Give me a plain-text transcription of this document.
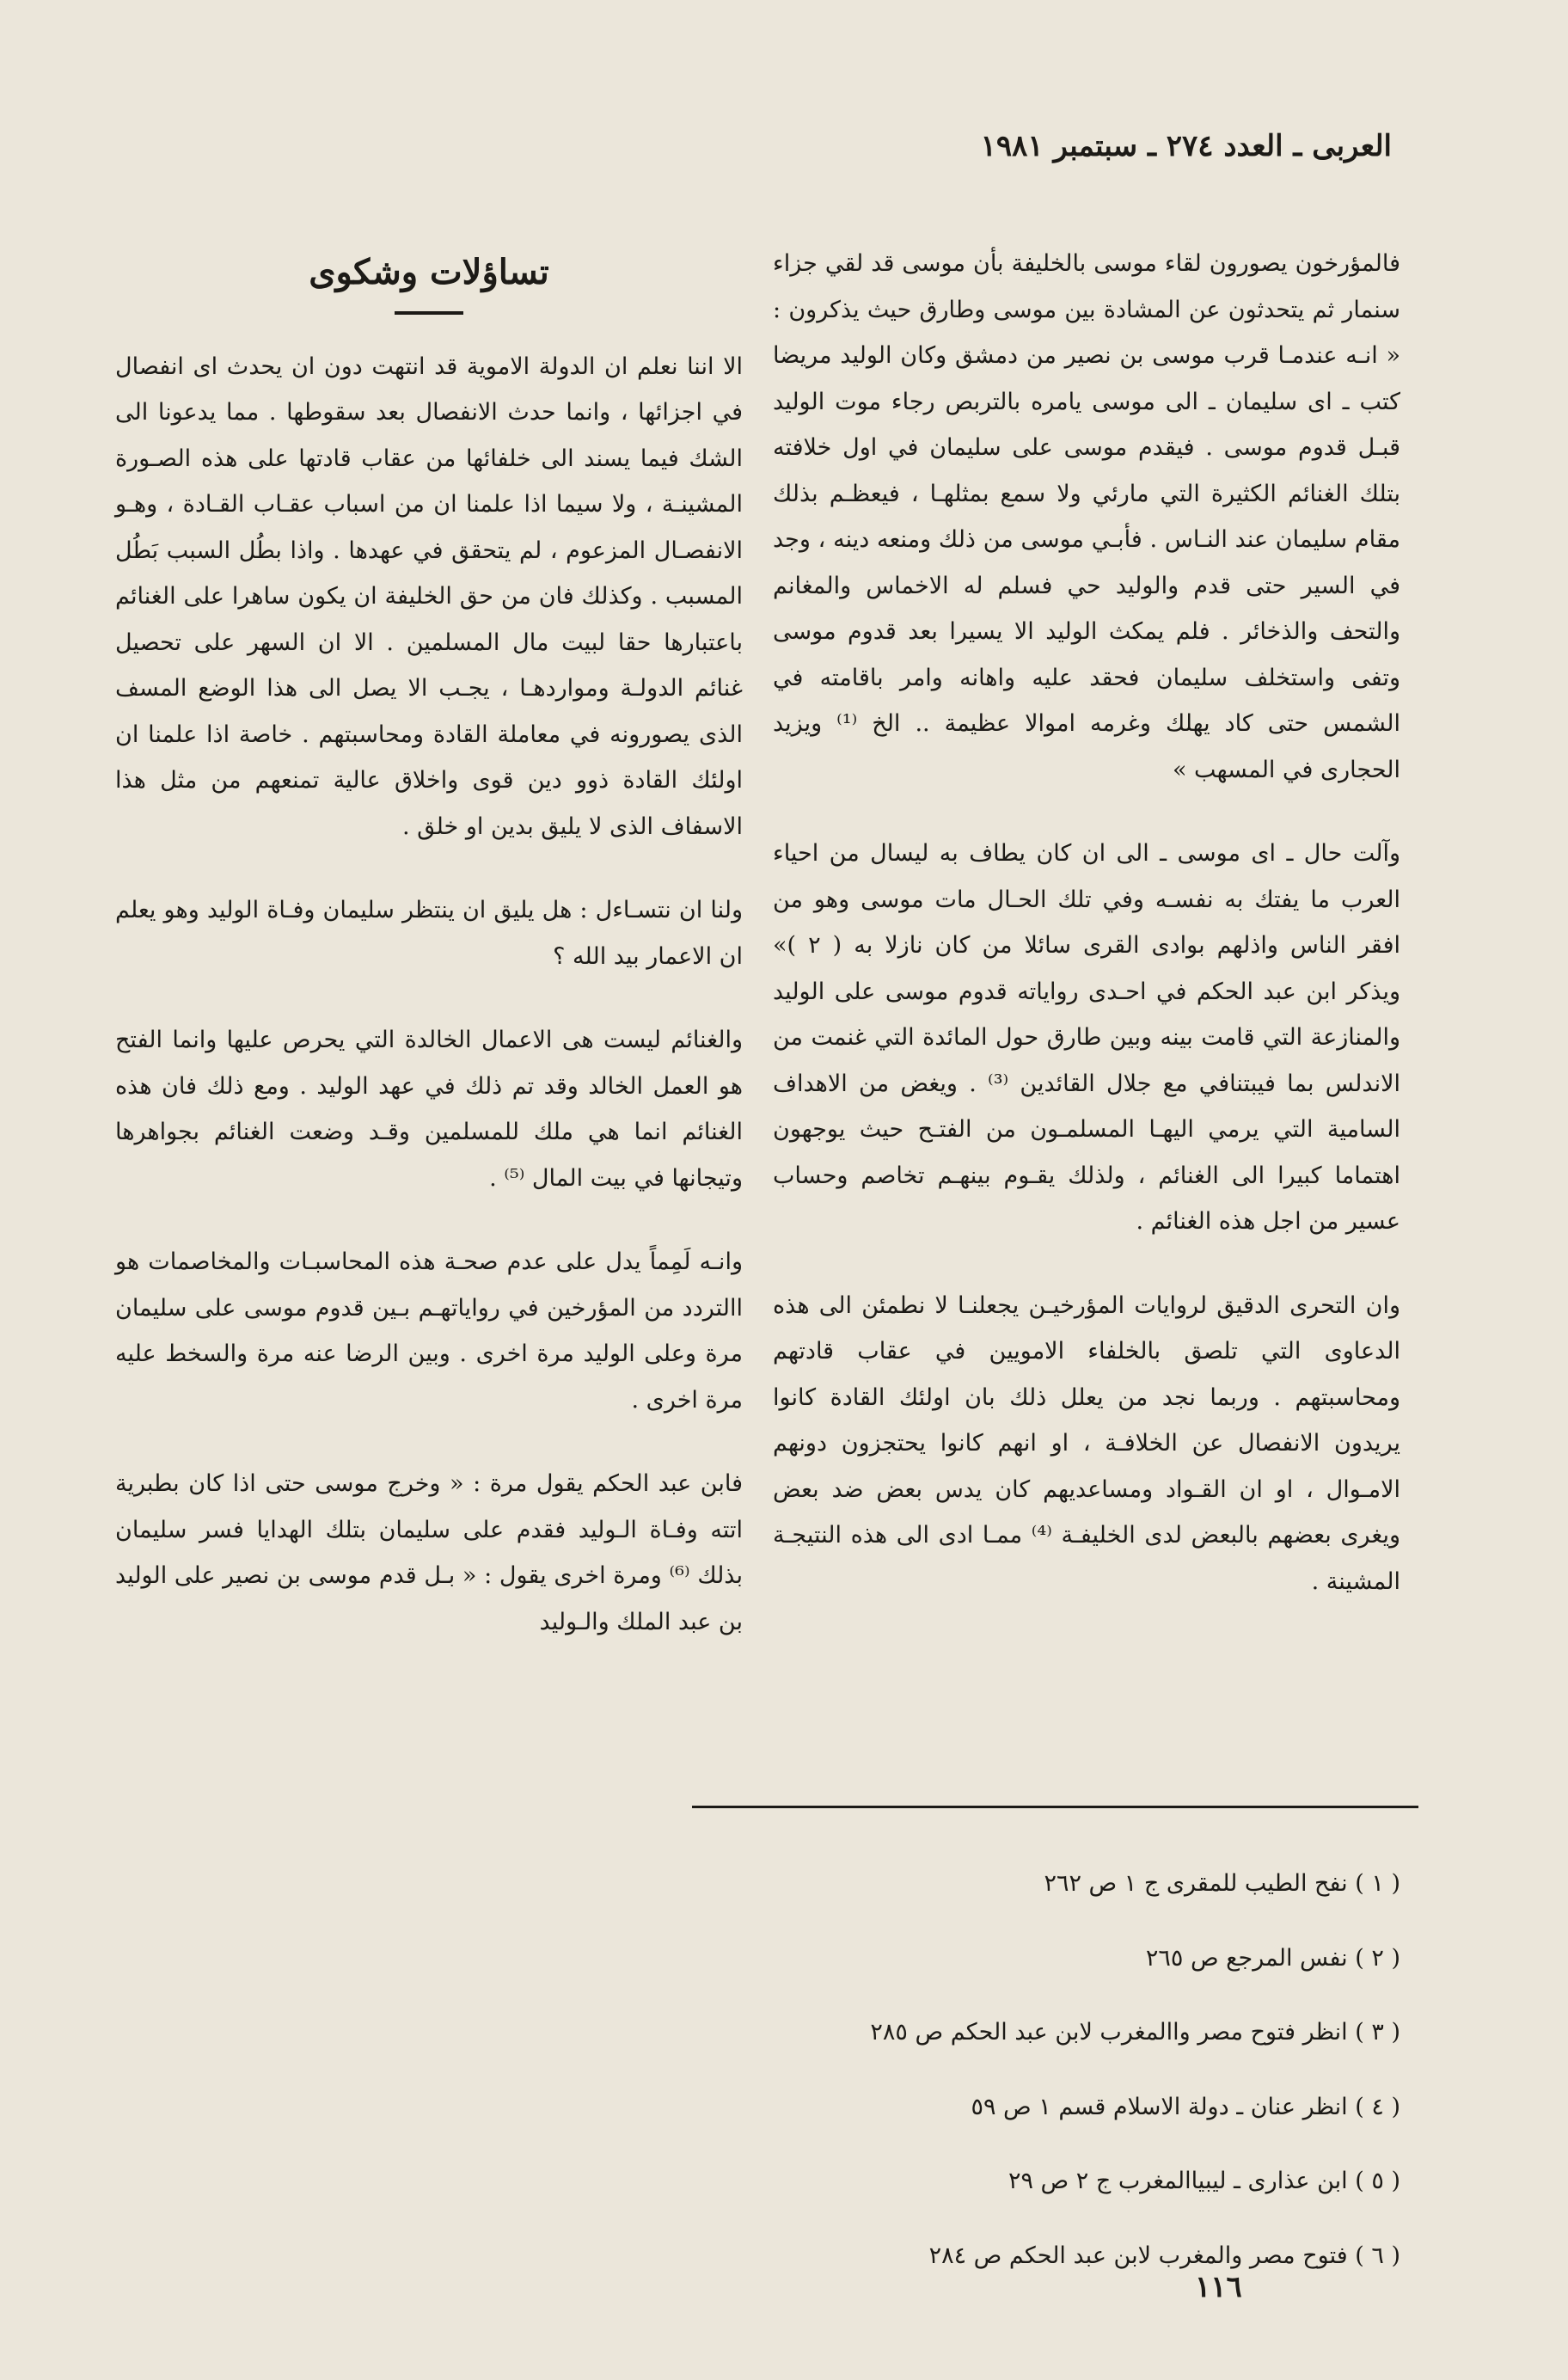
العربى ـ العدد ٢٧٤ ـ سبتمبر ١٩٨١

فالمؤرخون يصورون لقاء موسى بالخليفة بأن موسى قد لقي جزاء سنمار ثم يتحدثون عن المشادة بين موسى وطارق حيث يذكرون : « انـه عندمـا قرب موسى بن نصير من دمشق وكان الوليد مريضا كتب ـ اى سليمان ـ الى موسى يامره بالتربص رجاء موت الوليد قبـل قدوم موسى . فيقدم موسى على سليمان في اول خلافته بتلك الغنائم الكثيرة التي مارئي ولا سمع بمثلهـا ، فيعظـم بذلك مقام سليمان عند النـاس . فأبـي موسى من ذلك ومنعه دينه ، وجد في السير حتى قدم والوليد حي فسلم له الاخماس والمغانم والتحف والذخائر . فلم يمكث الوليد الا يسيرا بعد قدوم موسى وتفى واستخلف سليمان فحقد عليه واهانه وامر باقامته في الشمس حتى كاد يهلك وغرمه اموالا عظيمة .. الخ ⁽¹⁾ ويزيد الحجارى في المسهب »

وآلت حال ـ اى موسى ـ الى ان كان يطاف به ليسال من احياء العرب ما يفتك به نفسـه وفي تلك الحـال مات موسى وهو من افقر الناس واذلهم بوادى القرى سائلا من كان نازلا به ( ٢ )» ويذكر ابن عبد الحكم في احـدى رواياته قدوم موسى على الوليد والمنازعة التي قامت بينه وبين طارق حول المائدة التي غنمت من الاندلس بما فيبتنافي مع جلال القائدين ⁽³⁾ . ويغض من الاهداف السامية التي يرمي اليهـا المسلمـون من الفتـح حيث يوجهون اهتماما كبيرا الى الغنائم ، ولذلك يقـوم بينهـم تخاصم وحساب عسير من اجل هذه الغنائم .

وان التحرى الدقيق لروايات المؤرخيـن يجعلنـا لا نطمئن الى هذه الدعاوى التي تلصق بالخلفاء الامويين في عقاب قادتهم ومحاسبتهم . وربما نجد من يعلل ذلك بان اولئك القادة كانوا يريدون الانفصال عن الخلافـة ، او انهم كانوا يحتجزون دونهم الامـوال ، او ان القـواد ومساعديهم كان يدس بعض ضد بعض ويغرى بعضهم بالبعض لدى الخليفـة ⁽⁴⁾ ممـا ادى الى هذه النتيجـة المشينة .

تساؤلات وشكوى

الا اننا نعلم ان الدولة الاموية قد انتهت دون ان يحدث اى انفصال في اجزائها ، وانما حدث الانفصال بعد سقوطها . مما يدعونا الى الشك فيما يسند الى خلفائها من عقاب قادتها على هذه الصـورة المشينـة ، ولا سيما اذا علمنا ان من اسباب عقـاب القـادة ، وهـو الانفصـال المزعوم ، لم يتحقق في عهدها . واذا بطُل السبب بَطُل المسبب . وكذلك فان من حق الخليفة ان يكون ساهرا على الغنائم باعتبارها حقا لبيت مال المسلمين . الا ان السهر على تحصيل غنائم الدولـة ومواردهـا ، يجـب الا يصل الى هذا الوضع المسف الذى يصورونه في معاملة القادة ومحاسبتهم . خاصة اذا علمنا ان اولئك القادة ذوو دين قوى واخلاق عالية تمنعهم من مثل هذا الاسفاف الذى لا يليق بدين او خلق .

ولنا ان نتسـاءل : هل يليق ان ينتظر سليمان وفـاة الوليد وهو يعلم ان الاعمار بيد الله ؟

والغنائم ليست هى الاعمال الخالدة التي يحرص عليها وانما الفتح هو العمل الخالد وقد تم ذلك في عهد الوليد . ومع ذلك فان هذه الغنائم انما هي ملك للمسلمين وقـد وضعت الغنائم بجواهرها وتيجانها في بيت المال ⁽⁵⁾ .

وانـه لَمِماً يدل على عدم صحـة هذه المحاسبـات والمخاصمات هو االتردد من المؤرخين في رواياتهـم بـين قدوم موسى على سليمان مرة وعلى الوليد مرة اخرى . وبين الرضا عنه مرة والسخط عليه مرة اخرى .

فابن عبد الحكم يقول مرة : « وخرج موسى حتى اذا كان بطبرية اتته وفـاة الـوليد فقدم على سليمان بتلك الهدايا فسر سليمان بذلك ⁽⁶⁾ ومرة اخرى يقول : « بـل قدم موسى بن نصير على الوليد بن عبد الملك والـوليد

( ١ ) نفح الطيب للمقرى ج ١ ص ٢٦٢
( ٢ ) نفس المرجع ص ٢٦٥
( ٣ ) انظر فتوح مصر واالمغرب لابن عبد الحكم ص ٢٨٥
( ٤ ) انظر عنان ـ دولة الاسلام قسم ١ ص ٥٩
( ٥ ) ابن عذارى ـ ليبياالمغرب ج ٢ ص ٢٩
( ٦ ) فتوح مصر والمغرب لابن عبد الحكم ص ٢٨٤
١١٦
